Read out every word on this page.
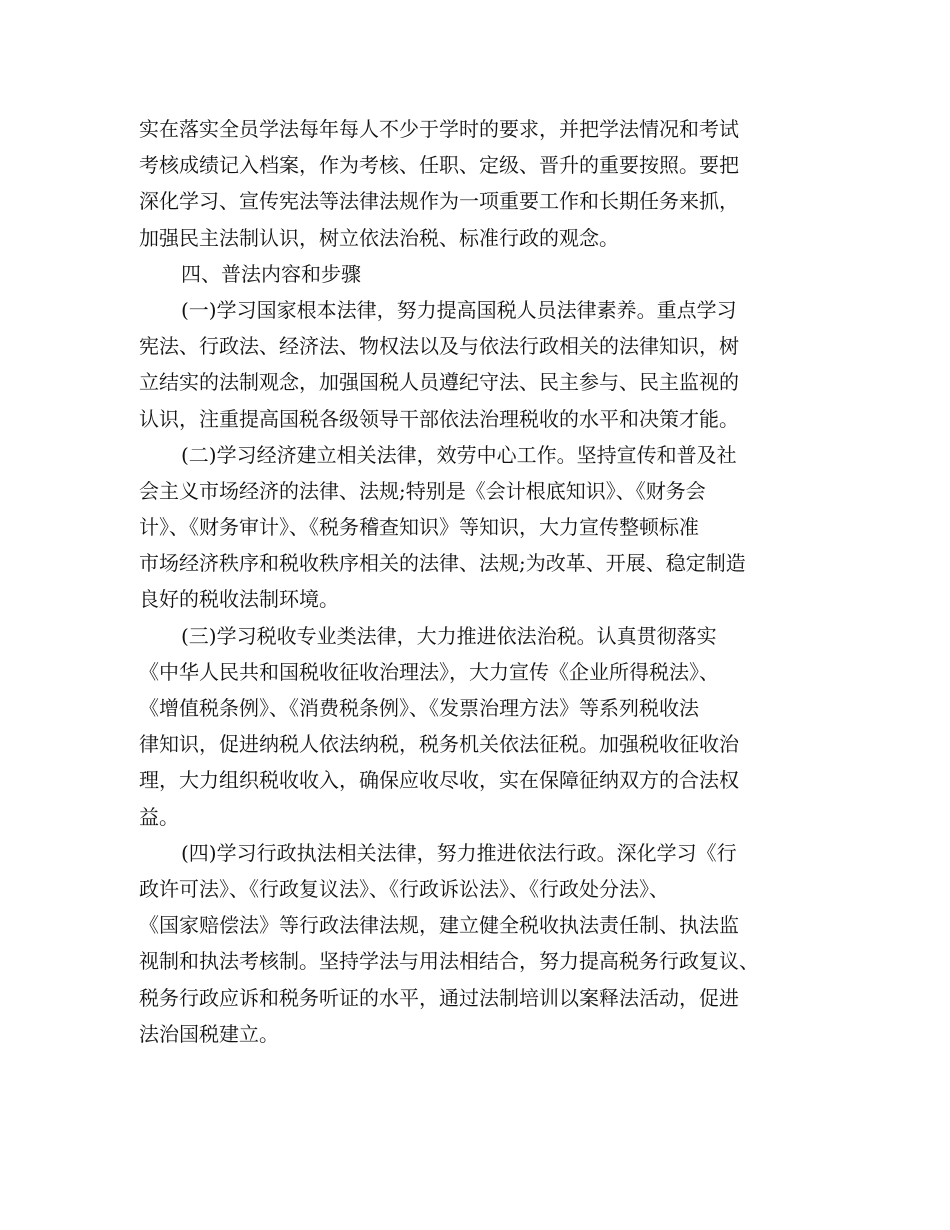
实在落实全员学法每年每人不少于学时的要求，并把学法情况和考试
考核成绩记入档案，作为考核、任职、定级、晋升的重要按照。要把
深化学习、宣传宪法等法律法规作为一项重要工作和长期任务来抓，
加强民主法制认识，树立依法治税、标准行政的观念。
四、普法内容和步骤
(一)学习国家根本法律，努力提高国税人员法律素养。重点学习
宪法、行政法、经济法、物权法以及与依法行政相关的法律知识，树
立结实的法制观念，加强国税人员遵纪守法、民主参与、民主监视的
认识，注重提高国税各级领导干部依法治理税收的水平和决策才能。
(二)学习经济建立相关法律，效劳中心工作。坚持宣传和普及社
会主义市场经济的法律、法规;特别是《会计根底知识》、《财务会
计》、《财务审计》、《税务稽查知识》等知识，大力宣传整顿标准
市场经济秩序和税收秩序相关的法律、法规;为改革、开展、稳定制造
良好的税收法制环境。
(三)学习税收专业类法律，大力推进依法治税。认真贯彻落实
《中华人民共和国税收征收治理法》，大力宣传《企业所得税法》、
《增值税条例》、《消费税条例》、《发票治理方法》等系列税收法
律知识，促进纳税人依法纳税，税务机关依法征税。加强税收征收治
理，大力组织税收收入，确保应收尽收，实在保障征纳双方的合法权
益。
(四)学习行政执法相关法律，努力推进依法行政。深化学习《行
政许可法》、《行政复议法》、《行政诉讼法》、《行政处分法》、
《国家赔偿法》等行政法律法规，建立健全税收执法责任制、执法监
视制和执法考核制。坚持学法与用法相结合，努力提高税务行政复议、
税务行政应诉和税务听证的水平，通过法制培训以案释法活动，促进
法治国税建立。
